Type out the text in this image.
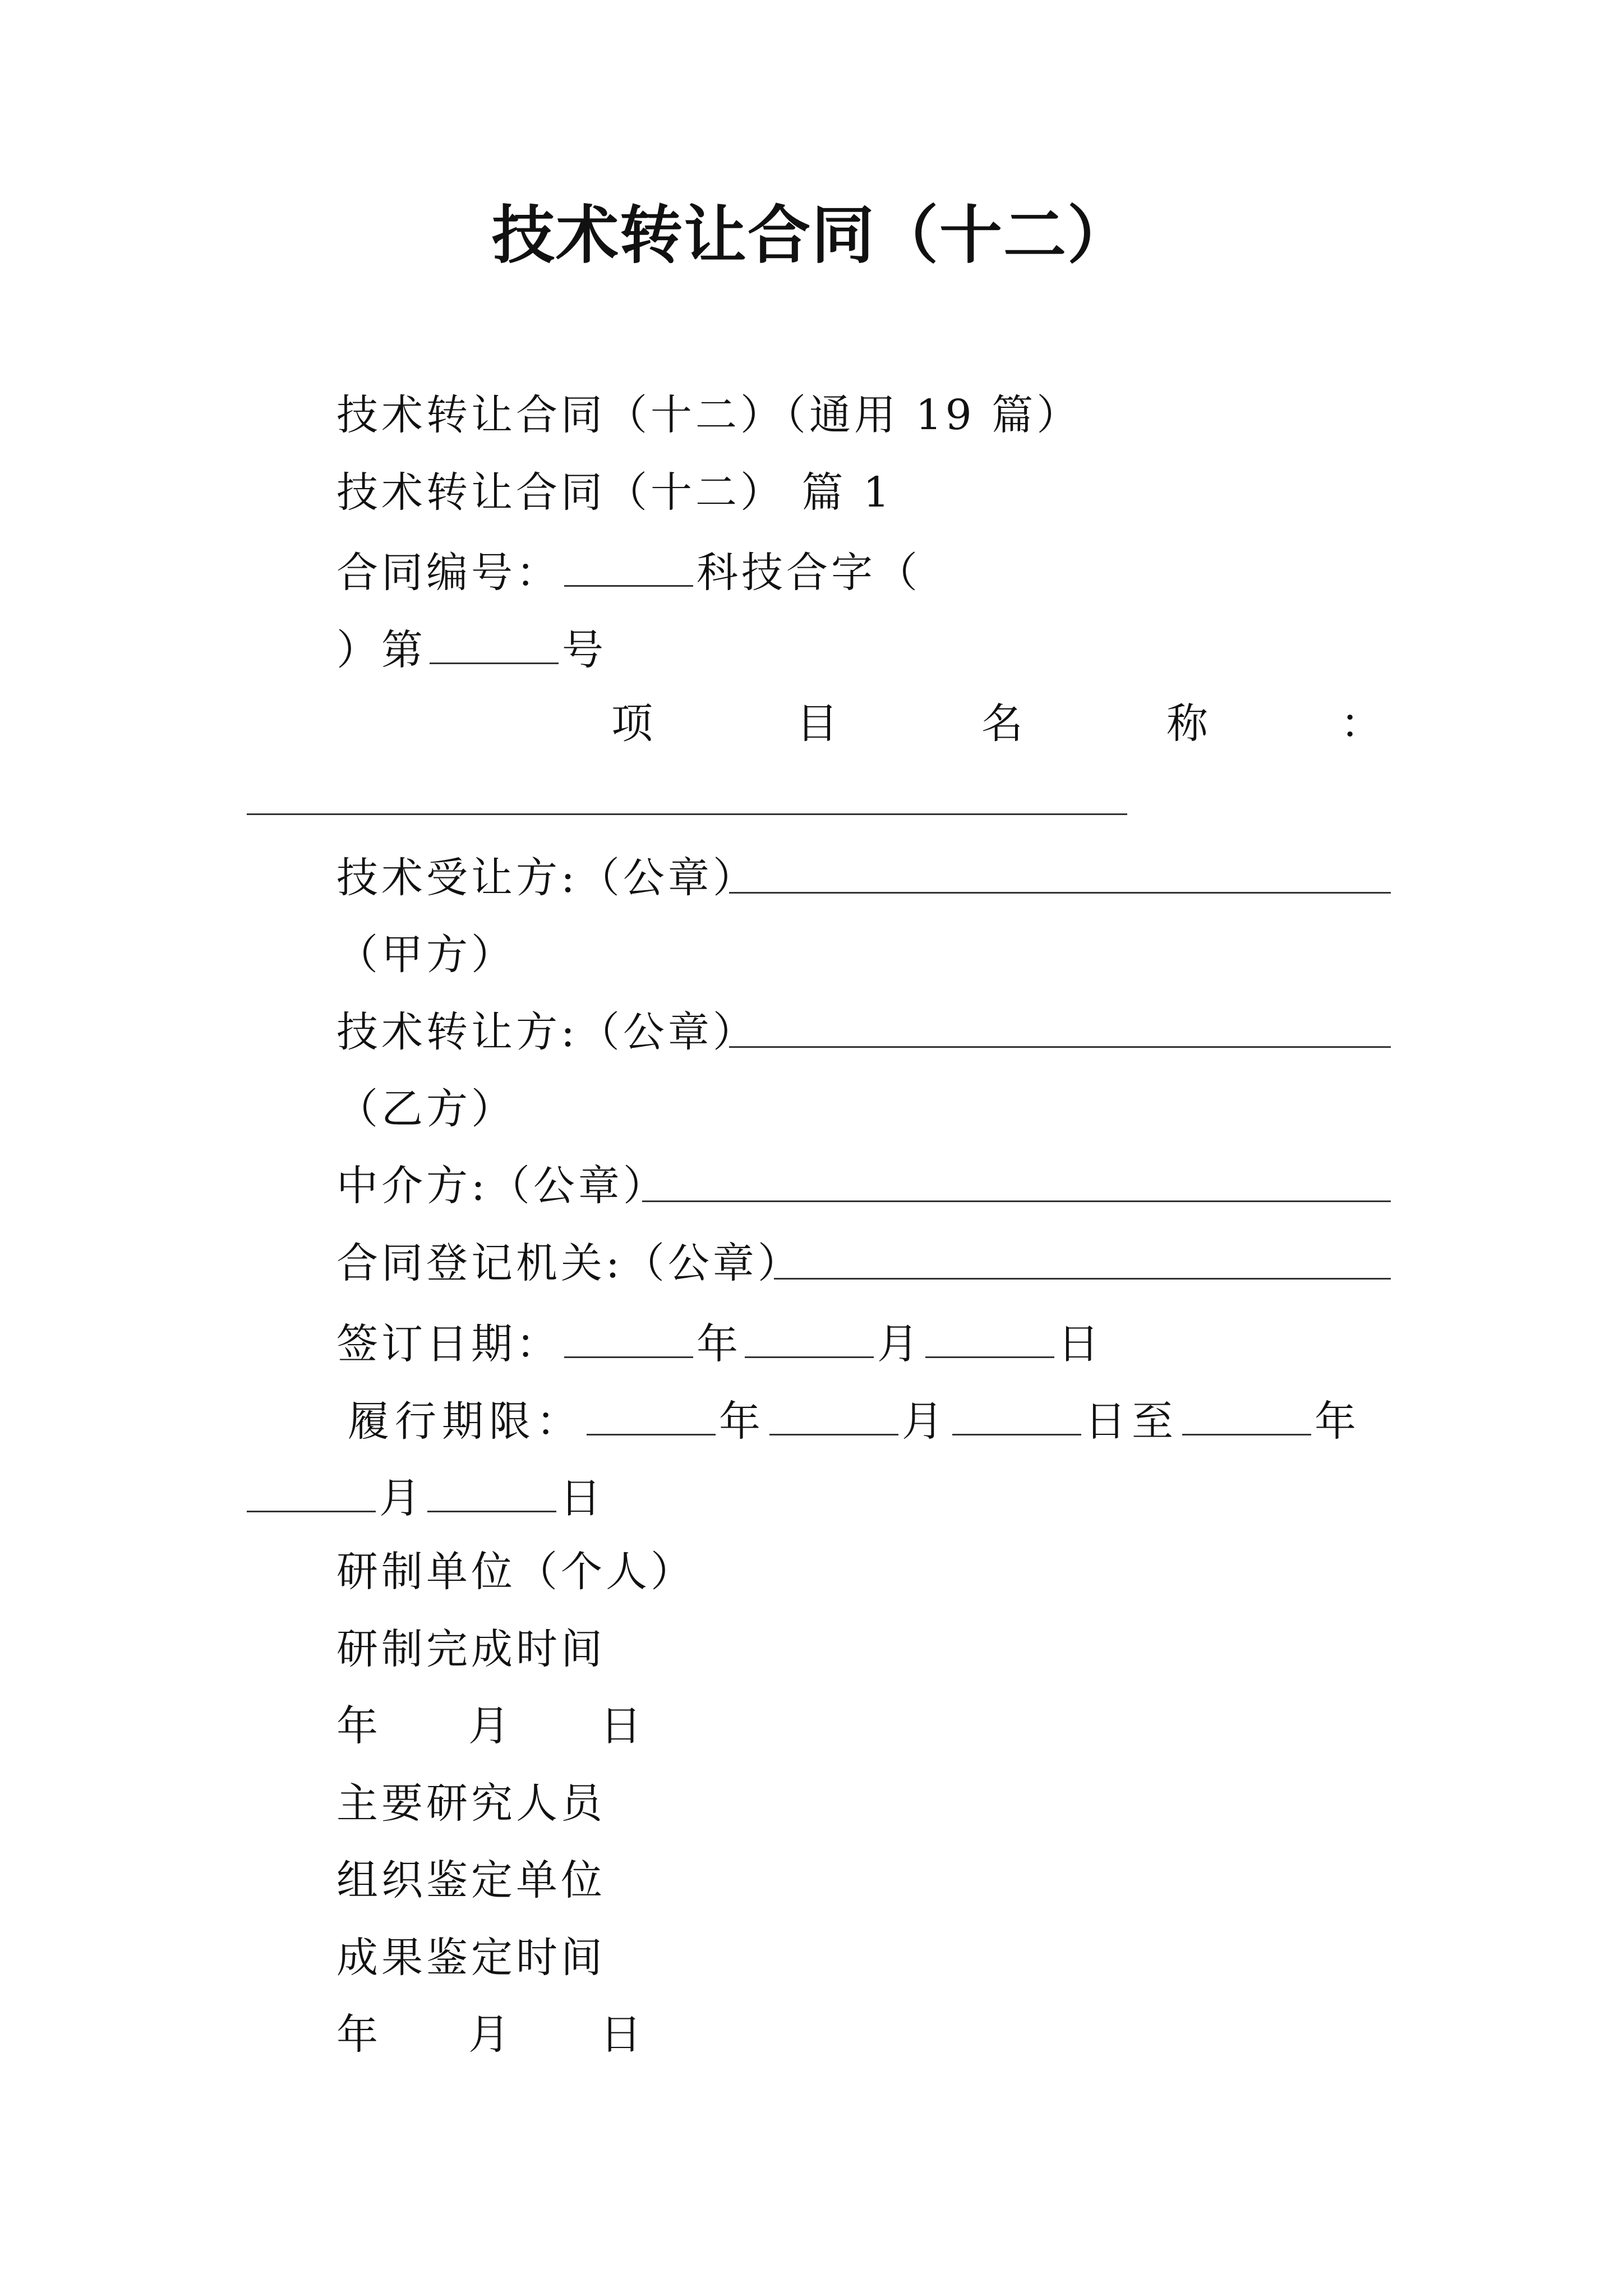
技术转让合同（十二）
技术转让合同（十二）（通用 19 篇）
技术转让合同（十二） 篇 1
合同编号：	科技合字（
）第	号
项	目	名	称	：
技术受让方:（公章）
（甲方）
技术转让方:（公章）
（乙方）
中介方:（公章）
合同登记机关:（公章）
签订日期：	年	月	日
履行期限：	年	月	日至	年
月	日
研制单位（个人）
研制完成时间
年 月 日
主要研究人员
组织鉴定单位
成果鉴定时间
年 月 日
